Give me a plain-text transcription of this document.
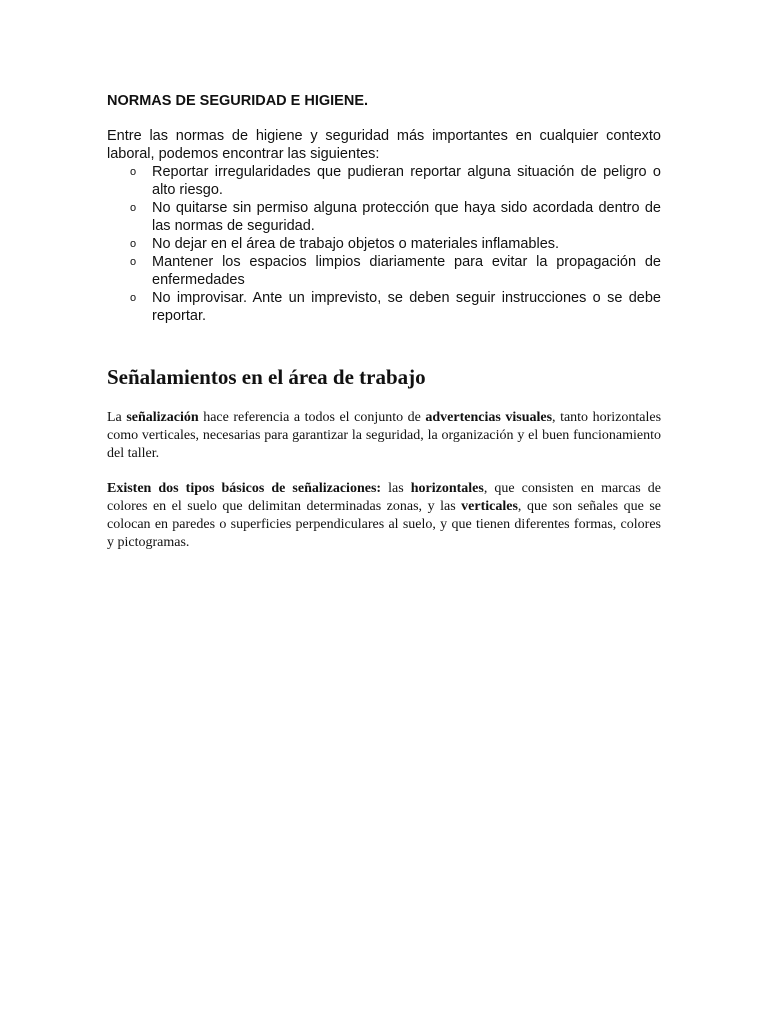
NORMAS DE SEGURIDAD E HIGIENE.

Entre las normas de higiene y seguridad más importantes en cualquier contexto laboral, podemos encontrar las siguientes:

o Reportar irregularidades que pudieran reportar alguna situación de peligro o alto riesgo.
o No quitarse sin permiso alguna protección que haya sido acordada dentro de las normas de seguridad.
o No dejar en el área de trabajo objetos o materiales inflamables.
o Mantener los espacios limpios diariamente para evitar la propagación de enfermedades
o No improvisar. Ante un imprevisto, se deben seguir instrucciones o se debe reportar.
Señalamientos en el área de trabajo

La señalización hace referencia a todos el conjunto de advertencias visuales, tanto horizontales como verticales, necesarias para garantizar la seguridad, la organización y el buen funcionamiento del taller.

Existen dos tipos básicos de señalizaciones: las horizontales, que consisten en marcas de colores en el suelo que delimitan determinadas zonas, y las verticales, que son señales que se colocan en paredes o superficies perpendiculares al suelo, y que tienen diferentes formas, colores y pictogramas.
